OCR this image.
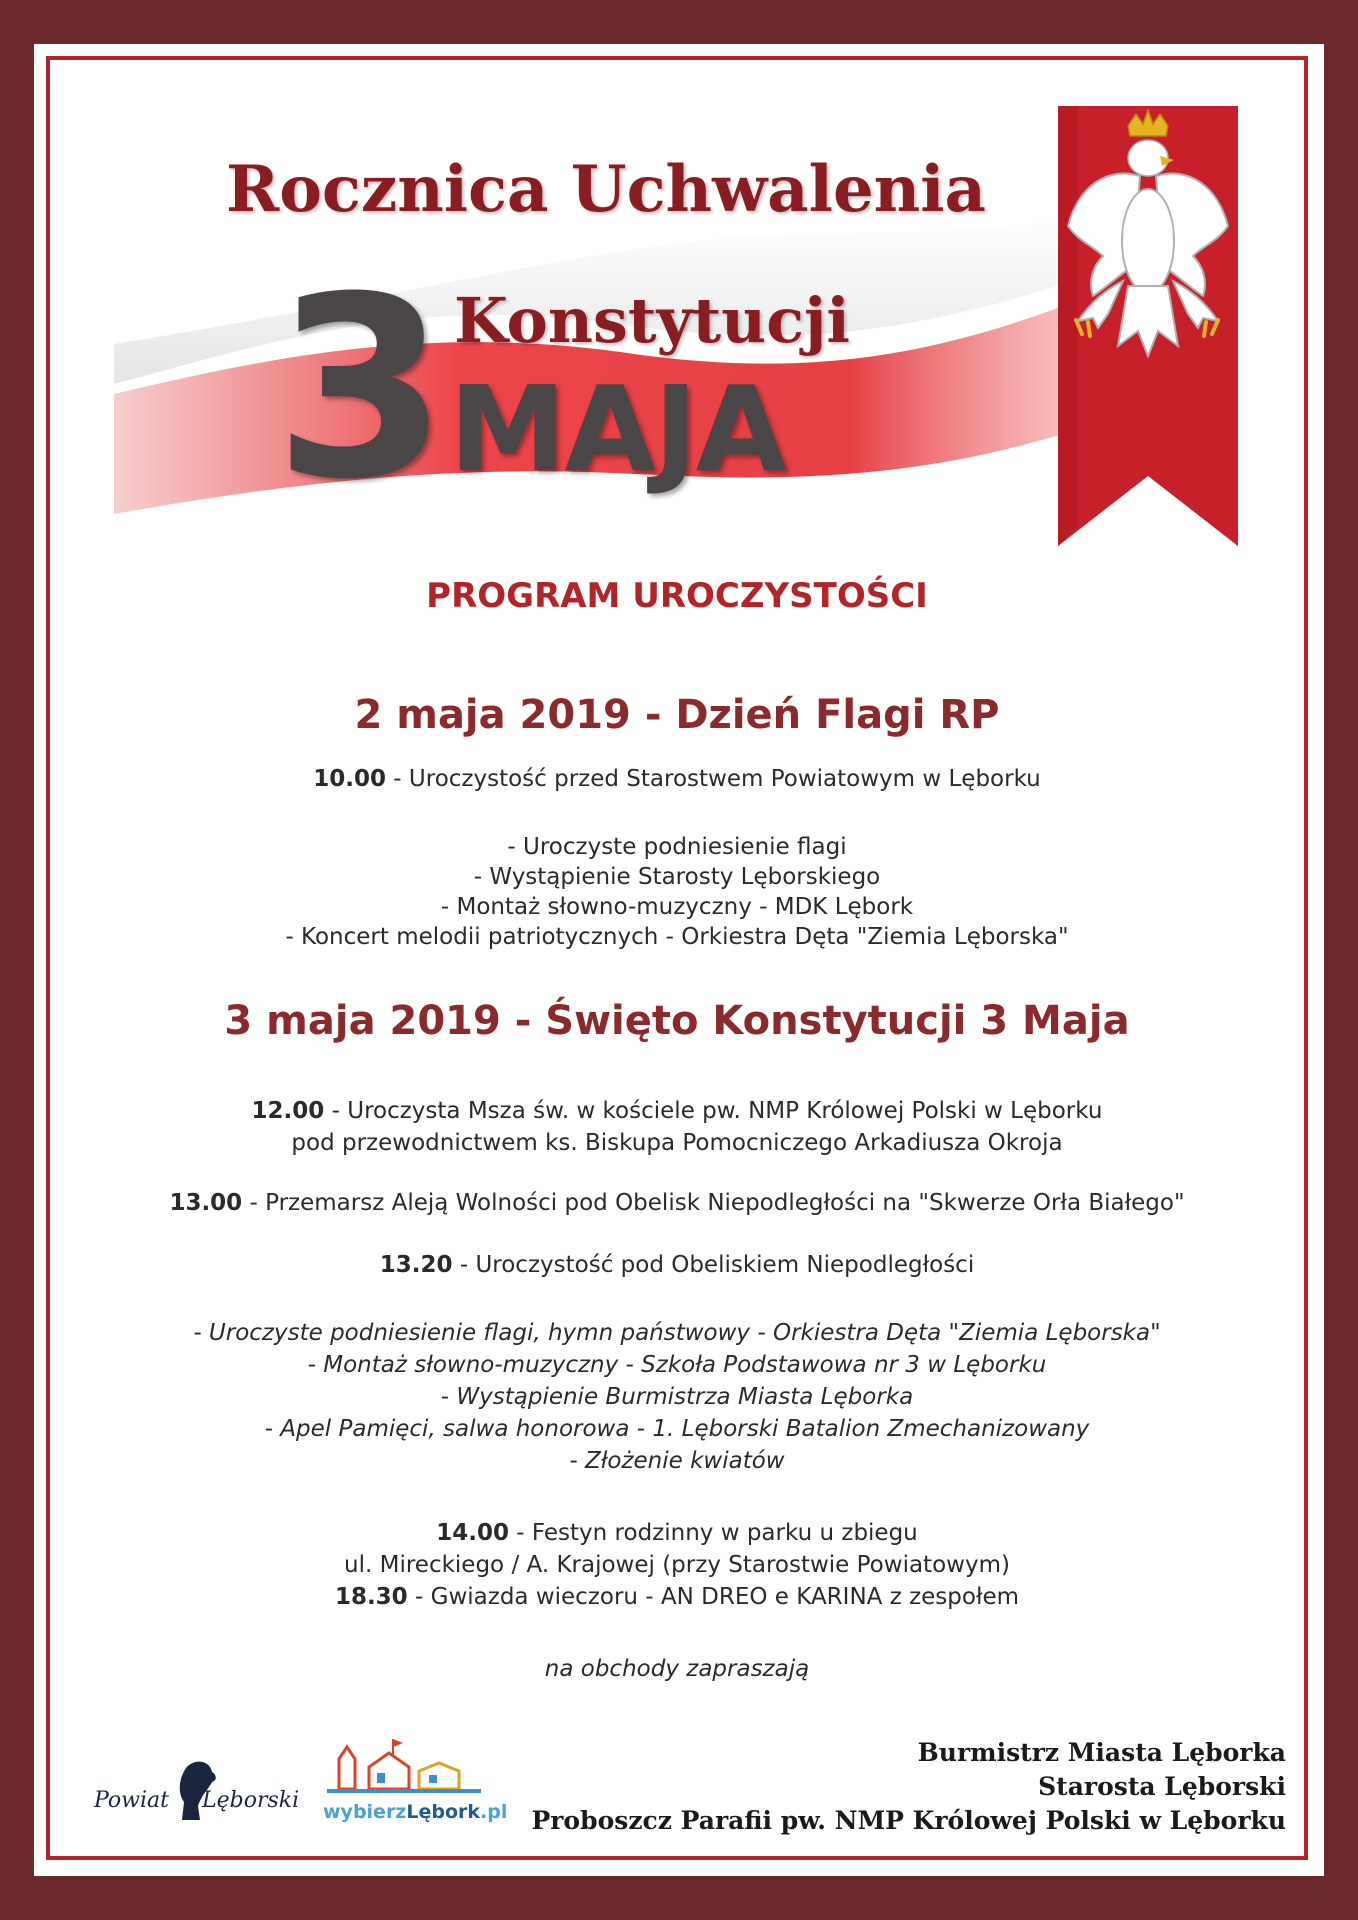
Rocznica Uchwalenia
3 Konstytucji
MAJA
PROGRAM UROCZYSTOŚCI
2 maja 2019 - Dzień Flagi RP
10.00 - Uroczystość przed Starostwem Powiatowym w Lęborku
- Uroczyste podniesienie flagi
- Wystąpienie Starosty Lęborskiego
- Montaż słowno-muzyczny - MDK Lębork
- Koncert melodii patriotycznych - Orkiestra Dęta "Ziemia Lęborska"
3 maja 2019 - Święto Konstytucji 3 Maja
12.00 - Uroczysta Msza św. w kościele pw. NMP Królowej Polski w Lęborku
pod przewodnictwem ks. Biskupa Pomocniczego Arkadiusza Okroja
13.00 - Przemarsz Aleją Wolności pod Obelisk Niepodległości na "Skwerze Orła Białego"
13.20 - Uroczystość pod Obeliskiem Niepodległości
- Uroczyste podniesienie flagi, hymn państwowy - Orkiestra Dęta "Ziemia Lęborska"
- Montaż słowno-muzyczny - Szkoła Podstawowa nr 3 w Lęborku
- Wystąpienie Burmistrza Miasta Lęborka
- Apel Pamięci, salwa honorowa - 1. Lęborski Batalion Zmechanizowany
- Złożenie kwiatów
14.00 - Festyn rodzinny w parku u zbiegu
ul. Mireckiego / A. Krajowej (przy Starostwie Powiatowym)
18.30 - Gwiazda wieczoru - AN DREO e KARINA z zespołem
na obchody zapraszają
Powiat Lęborski wybierzLębork.pl
Burmistrz Miasta Lęborka
Starosta Lęborski
Proboszcz Parafii pw. NMP Królowej Polski w Lęborku
